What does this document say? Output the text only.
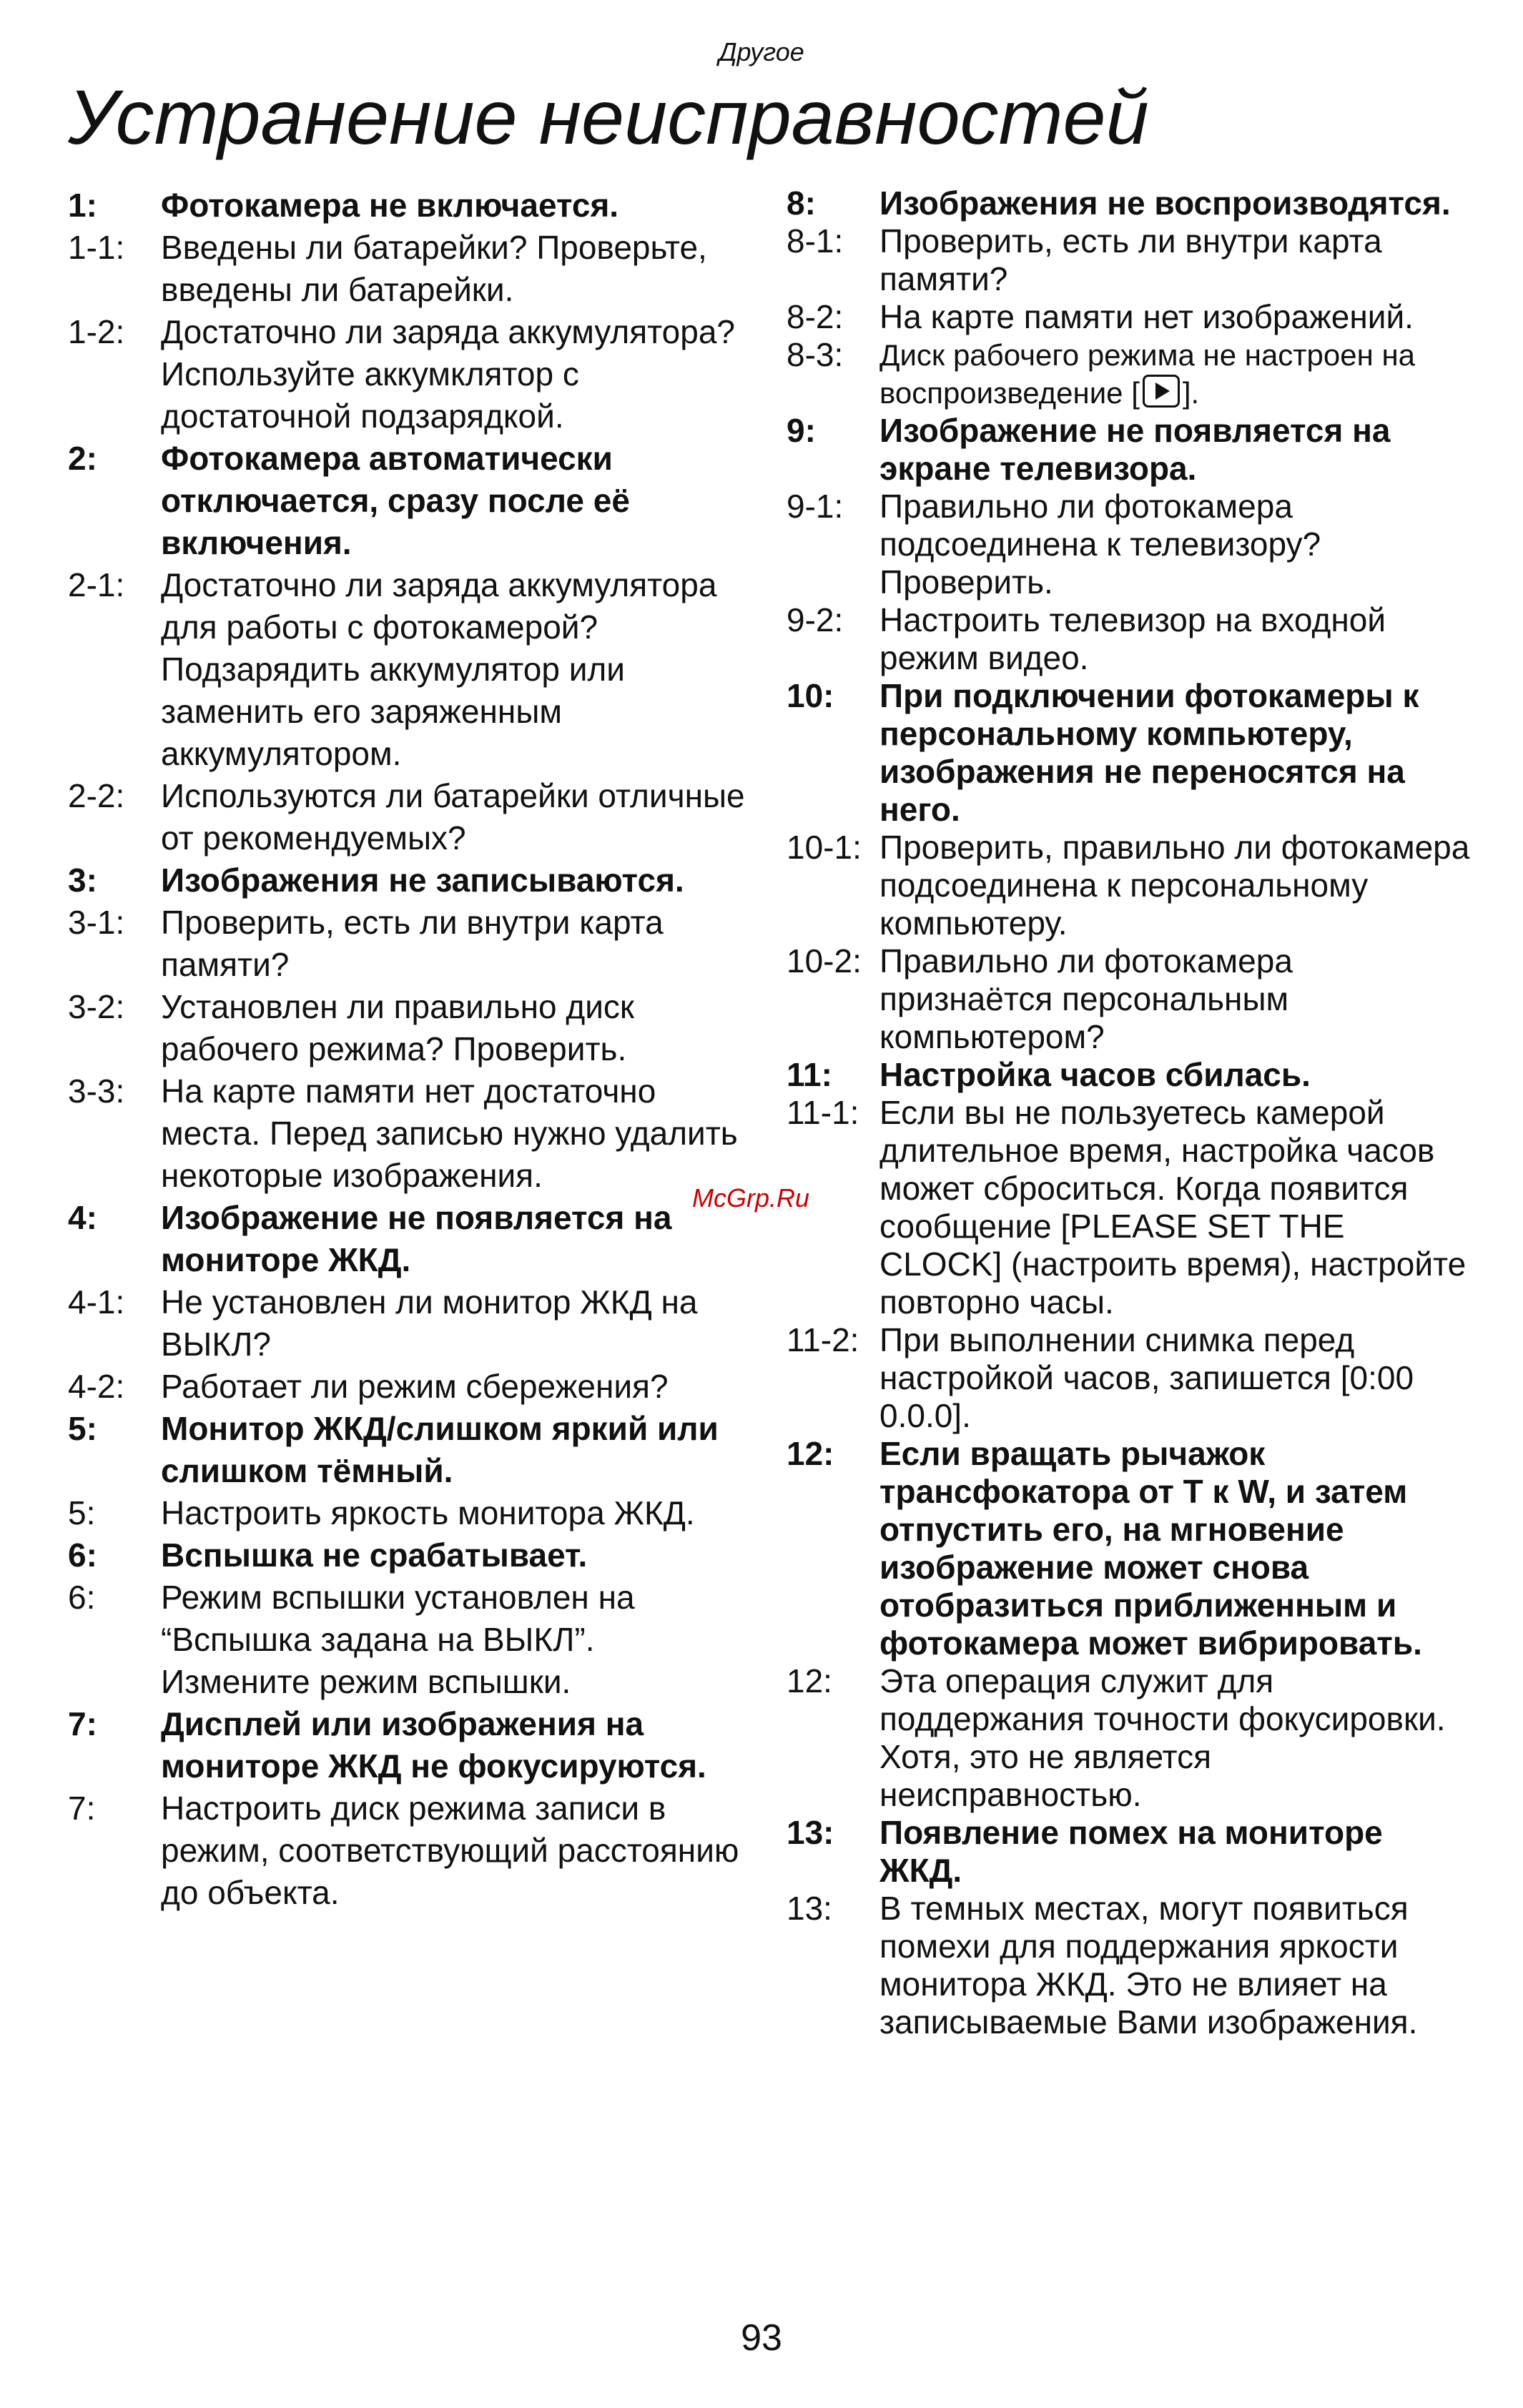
Другое
Устранение неисправностей
1:	Фотокамера не включается.
1-1:	Введены ли батарейки? Проверьте, введены ли батарейки.
1-2:	Достаточно ли заряда аккумулятора? Используйте аккумклятор с достаточной подзарядкой.
2:	Фотокамера автоматически отключается, сразу после её включения.
2-1:	Достаточно ли заряда аккумулятора для работы с фотокамерой? Подзарядить аккумулятор или заменить его заряженным аккумулятором.
2-2:	Используются ли батарейки отличные от рекомендуемых?
3:	Изображения не записываются.
3-1:	Проверить, есть ли внутри карта памяти?
3-2:	Установлен ли правильно диск рабочего режима? Проверить.
3-3:	На карте памяти нет достаточно места. Перед записью нужно удалить некоторые изображения.
4:	Изображение не появляется на мониторе ЖКД.
4-1:	Не установлен ли монитор ЖКД на ВЫКЛ?
4-2:	Работает ли режим сбережения?
5:	Монитор ЖКД/слишком яркий или слишком тёмный.
5:	Настроить яркость монитора ЖКД.
6:	Вспышка не срабатывает.
6:	Режим вспышки установлен на “Вспышка задана на ВЫКЛ”. Измените режим вспышки.
7:	Дисплей или изображения на мониторе ЖКД не фокусируются.
7:	Настроить диск режима записи в режим, соответствующий расстоянию до объекта.
8:	Изображения не воспроизводятся.
8-1:	Проверить, есть ли внутри карта памяти?
8-2:	На карте памяти нет изображений.
8-3:	Диск рабочего режима не настроен на воспроизведение [ ].
9:	Изображение не появляется на экране телевизора.
9-1:	Правильно ли фотокамера подсоединена к телевизору? Проверить.
9-2:	Настроить телевизор на входной режим видео.
10:	При подключении фотокамеры к персональному компьютеру, изображения не переносятся на него.
10-1: Проверить, правильно ли фотокамера подсоединена к персональному компьютеру.
10-2: Правильно ли фотокамера признаётся персональным компьютером?
11:	Настройка часов сбилась.
11-1: Если вы не пользуетесь камерой длительное время, настройка часов может сброситься. Когда появится сообщение [PLEASE SET THE CLOCK] (настроить время), настройте повторно часы.
11-2: При выполнении снимка перед настройкой часов, запишется [0:00 0.0.0].
12:	Если вращать рычажок трансфокатора от T к W, и затем отпустить его, на мгновение изображение может снова отобразиться приближенным и фотокамера может вибрировать.
12:	Эта операция служит для поддержания точности фокусировки. Хотя, это не является неисправностью.
13:	Появление помех на мониторе ЖКД.
13:	В темных местах, могут появиться помехи для поддержания яркости монитора ЖКД. Это не влияет на записываемые Вами изображения.
McGrp.Ru
93
